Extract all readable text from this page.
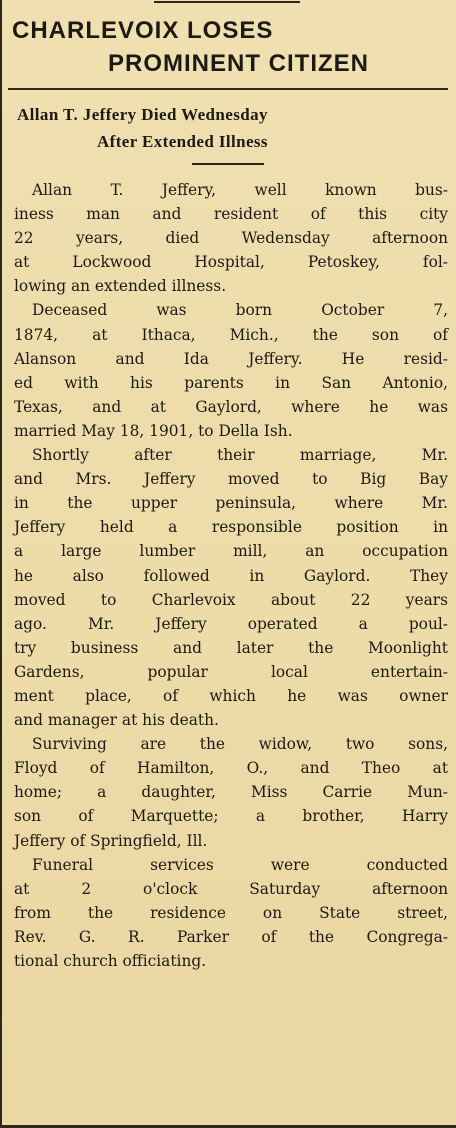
CHARLEVOIX LOSES
PROMINENT CITIZEN
Allan T. Jeffery Died Wednesday
After Extended Illness
Allan T. Jeffery, well known bus-
iness man and resident of this city
22 years, died Wedensday afternoon
at Lockwood Hospital, Petoskey, fol-
lowing an extended illness.
Deceased was born October 7,
1874, at Ithaca, Mich., the son of
Alanson and Ida Jeffery. He resid-
ed with his parents in San Antonio,
Texas, and at Gaylord, where he was
married May 18, 1901, to Della Ish.
Shortly after their marriage, Mr.
and Mrs. Jeffery moved to Big Bay
in the upper peninsula, where Mr.
Jeffery held a responsible position in
a large lumber mill, an occupation
he also followed in Gaylord. They
moved to Charlevoix about 22 years
ago. Mr. Jeffery operated a poul-
try business and later the Moonlight
Gardens, popular local entertain-
ment place, of which he was owner
and manager at his death.
Surviving are the widow, two sons,
Floyd of Hamilton, O., and Theo at
home; a daughter, Miss Carrie Mun-
son of Marquette; a brother, Harry
Jeffery of Springfield, Ill.
Funeral services were conducted
at 2 o'clock Saturday afternoon
from the residence on State street,
Rev. G. R. Parker of the Congrega-
tional church officiating.
